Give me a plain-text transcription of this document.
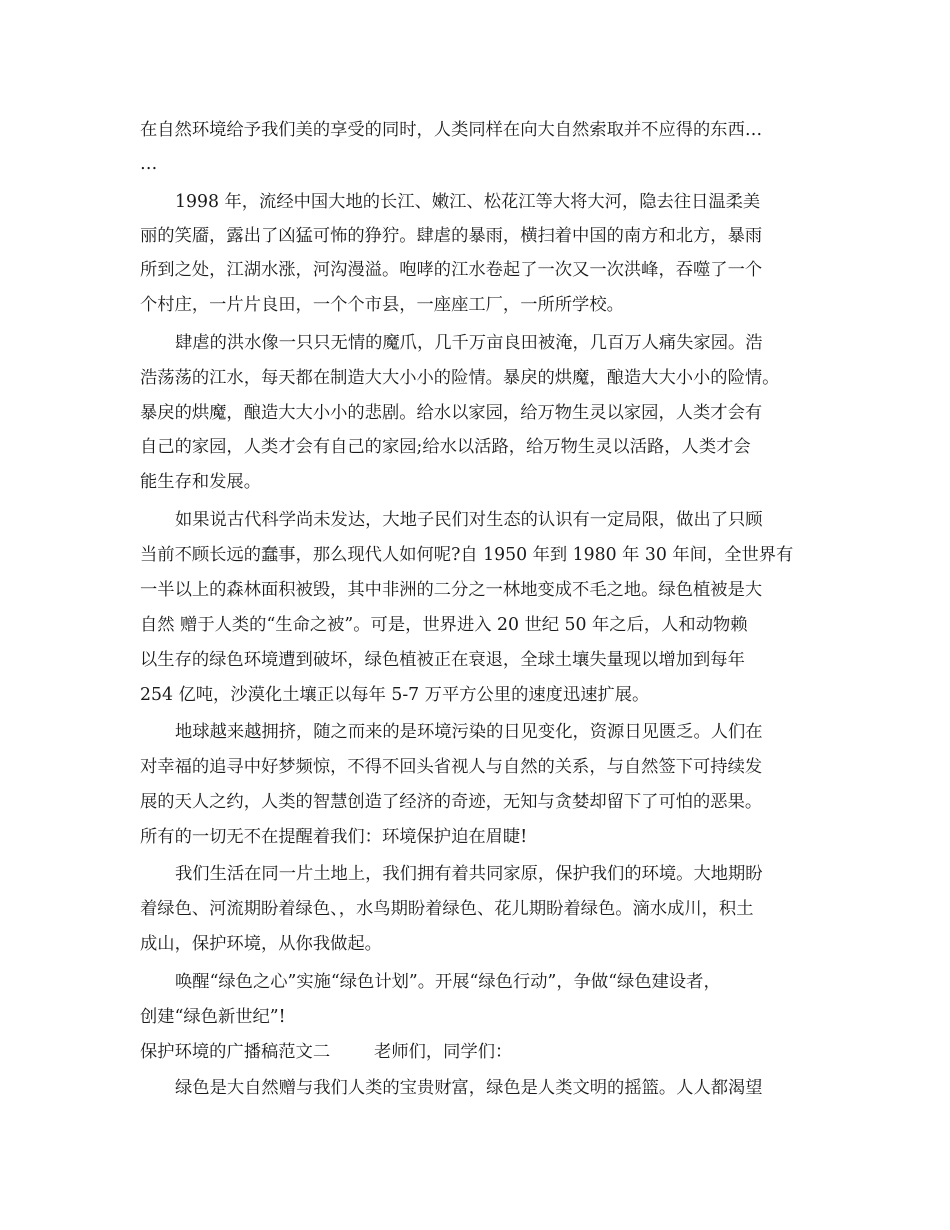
在自然环境给予我们美的享受的同时，人类同样在向大自然索取并不应得的东西…
…
1998 年，流经中国大地的长江、嫩江、松花江等大将大河，隐去往日温柔美
丽的笑靥，露出了凶猛可怖的狰狞。肆虐的暴雨，横扫着中国的南方和北方，暴雨
所到之处，江湖水涨，河沟漫溢。咆哮的江水卷起了一次又一次洪峰，吞噬了一个
个村庄，一片片良田，一个个市县，一座座工厂，一所所学校。
肆虐的洪水像一只只无情的魔爪，几千万亩良田被淹，几百万人痛失家园。浩
浩荡荡的江水，每天都在制造大大小小的险情。暴戾的烘魔，酿造大大小小的险情。
暴戾的烘魔，酿造大大小小的悲剧。给水以家园，给万物生灵以家园，人类才会有
自己的家园，人类才会有自己的家园;给水以活路，给万物生灵以活路，人类才会
能生存和发展。
如果说古代科学尚未发达，大地子民们对生态的认识有一定局限，做出了只顾
当前不顾长远的蠢事，那么现代人如何呢?自 1950 年到 1980 年 30 年间，全世界有
一半以上的森林面积被毁，其中非洲的二分之一林地变成不毛之地。绿色植被是大
自然 赠于人类的“生命之被”。可是，世界进入 20 世纪 50 年之后，人和动物赖
以生存的绿色环境遭到破坏，绿色植被正在衰退，全球土壤失量现以增加到每年
254 亿吨，沙漠化土壤正以每年 5-7 万平方公里的速度迅速扩展。
地球越来越拥挤，随之而来的是环境污染的日见变化，资源日见匮乏。人们在
对幸福的追寻中好梦频惊，不得不回头省视人与自然的关系，与自然签下可持续发
展的天人之约，人类的智慧创造了经济的奇迹，无知与贪婪却留下了可怕的恶果。
所有的一切无不在提醒着我们：环境保护迫在眉睫!
我们生活在同一片土地上，我们拥有着共同家原，保护我们的环境。大地期盼
着绿色、河流期盼着绿色、，水鸟期盼着绿色、花儿期盼着绿色。滴水成川，积土
成山，保护环境，从你我做起。
唤醒“绿色之心”实施“绿色计划”。开展“绿色行动”，争做“绿色建设者，
创建“绿色新世纪”!
保护环境的广播稿范文二        老师们，同学们：
绿色是大自然赠与我们人类的宝贵财富，绿色是人类文明的摇篮。人人都渴望
